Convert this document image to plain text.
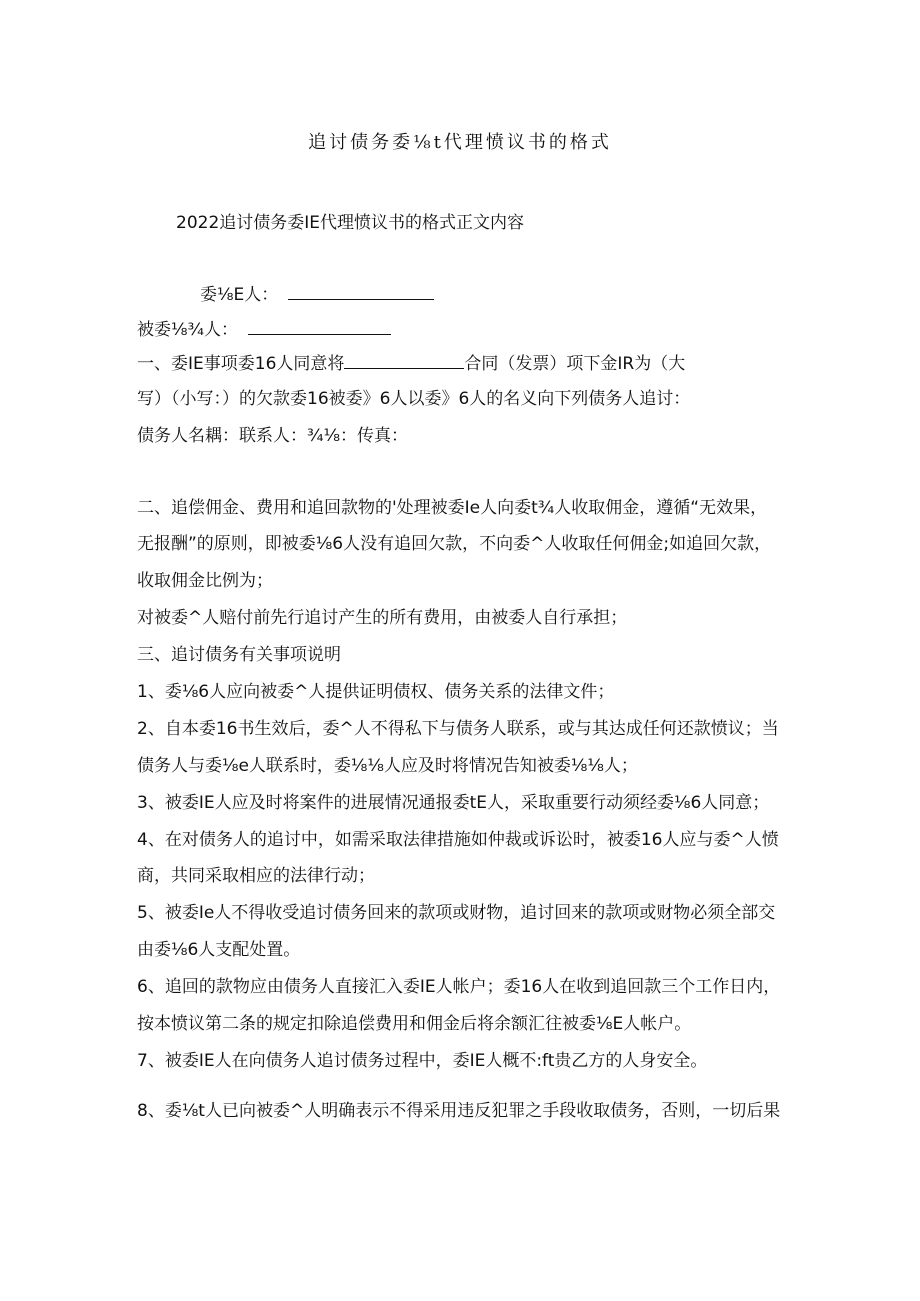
追讨债务委⅛t代理愤议书的格式
2022追讨债务委IE代理愤议书的格式正文内容
委⅛E人：
被委⅛¾人：
一、委IE事项委16人同意将	合同（发票）项下金IR为（大
写）（小写：）的欠款委16被委》6人以委》6人的名义向下列债务人追讨：
债务人名耦：联系人：¾⅛：传真：
二、追偿佣金、费用和追回款物的'处理被委Ie人向委t¾人收取佣金，遵循“无效果，
无报酬”的原则，即被委⅛6人没有追回欠款，不向委^人收取任何佣金;如追回欠款，
收取佣金比例为；
对被委^人赔付前先行追讨产生的所有费用，由被委人自行承担；
三、追讨债务有关事项说明
1、委⅛6人应向被委^人提供证明债权、债务关系的法律文件；
2、自本委16书生效后，委^人不得私下与债务人联系，或与其达成任何还款愤议；当
债务人与委⅛e人联系时，委⅛⅛人应及时将情况告知被委⅛⅛人；
3、被委IE人应及时将案件的进展情况通报委tE人，采取重要行动须经委⅛6人同意；
4、在对债务人的追讨中，如需采取法律措施如仲裁或诉讼时，被委16人应与委^人愤
商，共同采取相应的法律行动；
5、被委Ie人不得收受追讨债务回来的款项或财物，追讨回来的款项或财物必须全部交
由委⅛6人支配处置。
6、追回的款物应由债务人直接汇入委IE人帐户；委16人在收到追回款三个工作日内，
按本愤议第二条的规定扣除追偿费用和佣金后将余额汇往被委⅛E人帐户。
7、被委IE人在向债务人追讨债务过程中，委IE人概不:ft贵乙方的人身安全。
8、委⅛t人已向被委^人明确表示不得采用违反犯罪之手段收取债务，否则，一切后果
